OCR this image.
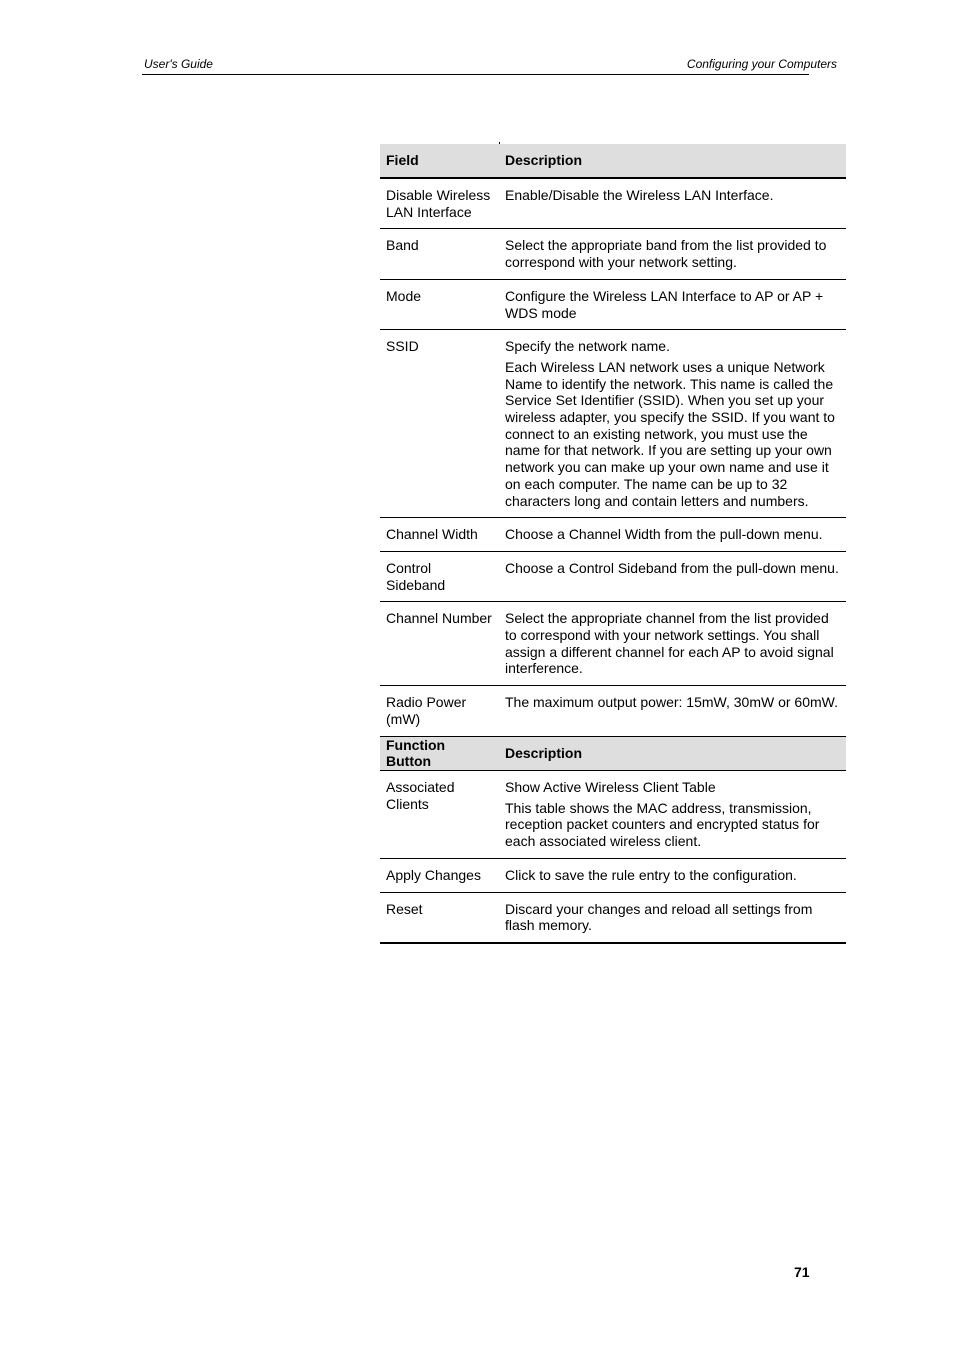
User's Guide	Configuring your Computers
Field	Description
Disable Wireless LAN Interface	Enable/Disable the Wireless LAN Interface.
Band	Select the appropriate band from the list provided to correspond with your network setting.
Mode	Configure the Wireless LAN Interface to AP or AP + WDS mode
SSID	Specify the network name.

Each Wireless LAN network uses a unique Network Name to identify the network. This name is called the Service Set Identifier (SSID). When you set up your wireless adapter, you specify the SSID. If you want to connect to an existing network, you must use the name for that network. If you are setting up your own network you can make up your own name and use it on each computer. The name can be up to 32 characters long and contain letters and numbers.

Channel Width	Choose a Channel Width from the pull-down menu.
Control Sideband	Choose a Control Sideband from the pull-down menu.
Channel Number	Select the appropriate channel from the list provided to correspond with your network settings. You shall assign a different channel for each AP to avoid signal interference.
Radio Power (mW)	The maximum output power: 15mW, 30mW or 60mW.
Function Button	Description
Associated Clients	Show Active Wireless Client Table

This table shows the MAC address, transmission, reception packet counters and encrypted status for each associated wireless client.

Apply Changes	Click to save the rule entry to the configuration.
Reset	Discard your changes and reload all settings from flash memory.
71
